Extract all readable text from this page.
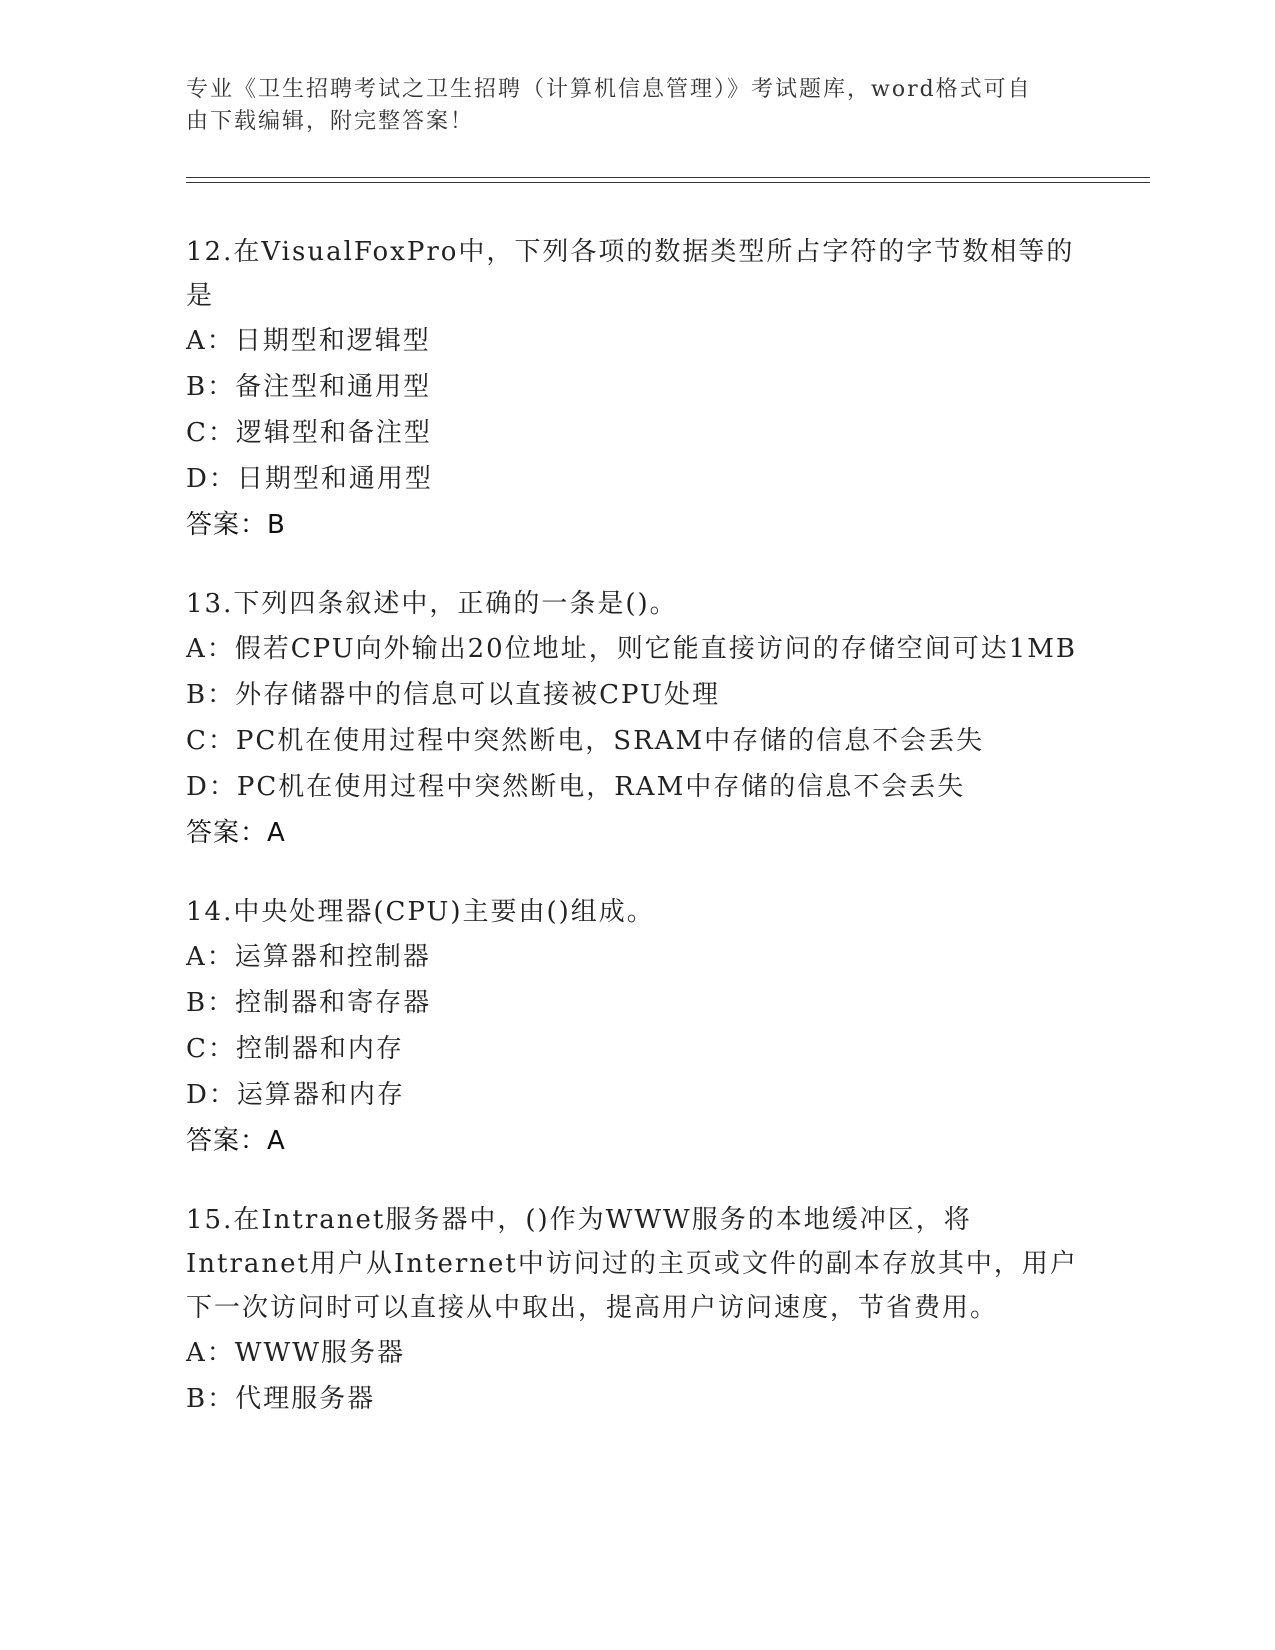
专业《卫生招聘考试之卫生招聘（计算机信息管理）》考试题库，word格式可自
由下载编辑，附完整答案！
12.在VisualFoxPro中，下列各项的数据类型所占字符的字节数相等的是
A：日期型和逻辑型
B：备注型和通用型
C：逻辑型和备注型
D：日期型和通用型
答案：B
13.下列四条叙述中，正确的一条是()。
A：假若CPU向外输出20位地址，则它能直接访问的存储空间可达1MB
B：外存储器中的信息可以直接被CPU处理
C：PC机在使用过程中突然断电，SRAM中存储的信息不会丢失
D：PC机在使用过程中突然断电，RAM中存储的信息不会丢失
答案：A
14.中央处理器(CPU)主要由()组成。
A：运算器和控制器
B：控制器和寄存器
C：控制器和内存
D：运算器和内存
答案：A
15.在Intranet服务器中，()作为WWW服务的本地缓冲区，将Intranet用户从Internet中访问过的主页或文件的副本存放其中，用户下一次访问时可以直接从中取出，提高用户访问速度，节省费用。
A：WWW服务器
B：代理服务器
